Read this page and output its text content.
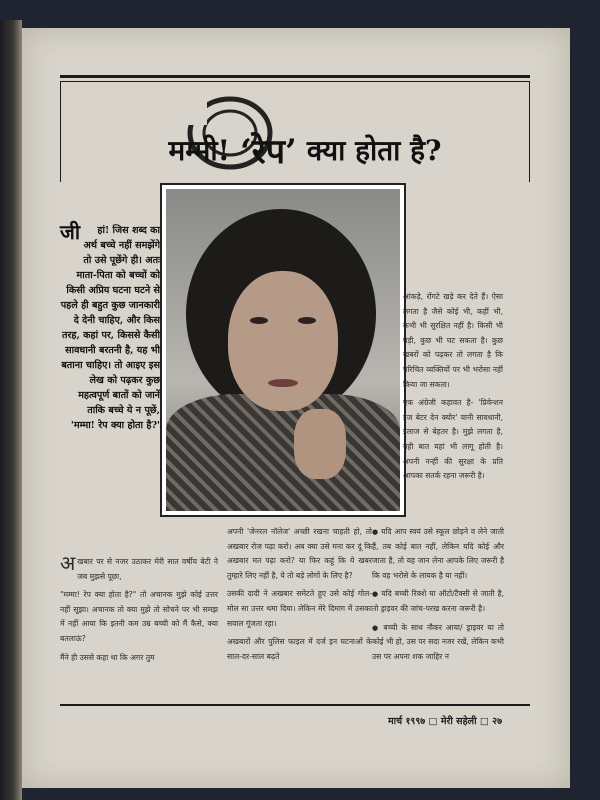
मम्मी! ‘रेप’ क्या होता है?
जी हां! जिस शब्द का अर्थ बच्चे नहीं समझेंगे तो उसे पूछेंगे ही। अतः माता-पिता को बच्चों को किसी अप्रिय घटना घटने से पहले ही बहुत कुछ जानकारी दे देनी चाहिए, और किस तरह, कहां पर, किससे कैसी सावधानी बरतनी है, यह भी बताना चाहिए। तो आइए इस लेख को पढ़कर कुछ महत्वपूर्ण बातों को जानें ताकि बच्चे ये न पूछें, 'मम्मा! रेप क्या होता है?'

अखबार पर से नजर उठाकर मेरी सात वर्षीय बेटी ने जब मुझसे पूछा,

"मम्मा! रेप क्या होता है?" तो अचानक मुझे कोई उत्तर नहीं सूझा। अचानक तो क्या मुझे तो सोचने पर भी समझ में नहीं आया कि इतनी कम उम्र बच्ची को मैं कैसे, क्या बतलाऊं?

मैंने ही उससे कहा था कि अगर तुम

अपनी 'जेनरल नॉलेज' अच्छी रखना चाहती हो, तो अखबार रोज पढ़ा करो। अब क्या उसे मना कर दूं कि अखबार मत पढ़ा करो? या फिर कहूं कि ये खबर तुम्हारे लिए नहीं है, ये तो बड़े लोगों के लिए है?

उसकी दादी ने अखबार समेटते हुए उसे कोई गोल-मोल सा उत्तर थमा दिया। लेकिन मेरे दिमाग में उसका सवाल गूंजता रहा।

अखबारों और पुलिस फाइल में दर्ज इन घटनाओं के साल-दर-साल बढ़ते

आंकड़े, रोंगटे खड़े कर देते हैं। ऐसा लगता है जैसे कोई भी, कहीं भी, कभी भी सुरक्षित नहीं है। किसी भी घड़ी, कुछ भी घट सकता है। कुछ खबरों को पढ़कर तो लगता है कि परिचित व्यक्तियों पर भी भरोसा नहीं किया जा सकता।

एक अंग्रेजी कहावत है- 'प्रिवेन्शन इज बेटर देन क्योर' यानी सावधानी, इलाज से बेहतर है। मुझे लगता है, यही बात यहां भी लागू होती है। अपनी नन्हीं की सुरक्षा के प्रति आपका सतर्क रहना जरूरी है।

● यदि आप स्वयं उसे स्कूल छोड़ने व लेने जाती हैं, तब कोई बात नहीं, लेकिन यदि कोई और जाता है, तो यह जान लेना आपके लिए जरूरी है कि वह भरोसे के लायक है या नहीं।

● यदि बच्ची रिक्शे या ऑटो/टैक्सी से जाती है, तो ड्राइवर की जांच-परख करना जरूरी है।

● बच्ची के साथ नौकर आया/ ड्राइवर या तो कोई भी हो, उस पर सदा नजर रखें, लेकिन कभी उस पर अपना शक जाहिर न

मार्च १९९७ □ मेरी सहेली □ २७
